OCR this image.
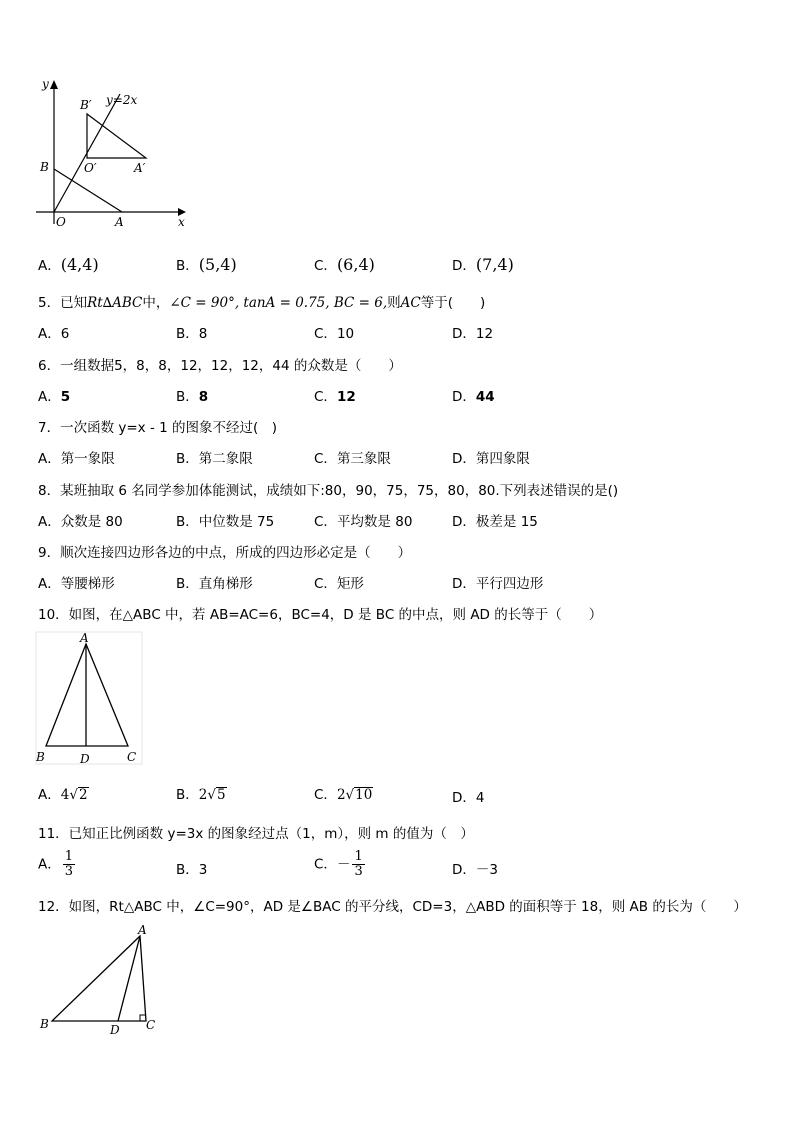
y
x
O	A
B
B′
O′	A′
y=2x
A．(4,4)	B．(5,4)	C．(6,4)	D．(7,4)
5．已知Rt∆ABC中，∠C = 90°, tanA = 0.75, BC = 6,则AC等于(　　)
A．6	B．8	C．10	D．12
6．一组数据5，8，8，12，12，12，44 的众数是（　　）
A．5	B．8	C．12	D．44
7．一次函数 y=x - 1 的图象不经过(　)
A．第一象限	B．第二象限	C．第三象限	D．第四象限
8．某班抽取 6 名同学参加体能测试，成绩如下:80，90，75，75，80，80.下列表述错误的是()
A．众数是 80	B．中位数是 75	C．平均数是 80	D．极差是 15
9．顺次连接四边形各边的中点，所成的四边形必定是（　　）
A．等腰梯形	B．直角梯形	C．矩形	D．平行四边形
10．如图，在△ABC 中，若 AB=AC=6，BC=4，D 是 BC 的中点，则 AD 的长等于（　　）
A
B	D	C
A．4 √ 2	B．2 √ 5	C．2 √ 10	D．4
11．已知正比例函数 y=3x 的图象经过点（1，m），则 m 的值为（　）
A． $\frac{1}{3}$	B．3	C．－ $\frac{1}{3}$	D．－3
12．如图，Rt△ABC 中，∠C=90°，AD 是∠BAC 的平分线，CD=3，△ABD 的面积等于 18，则 AB 的长为（　　）
A
B	D C
